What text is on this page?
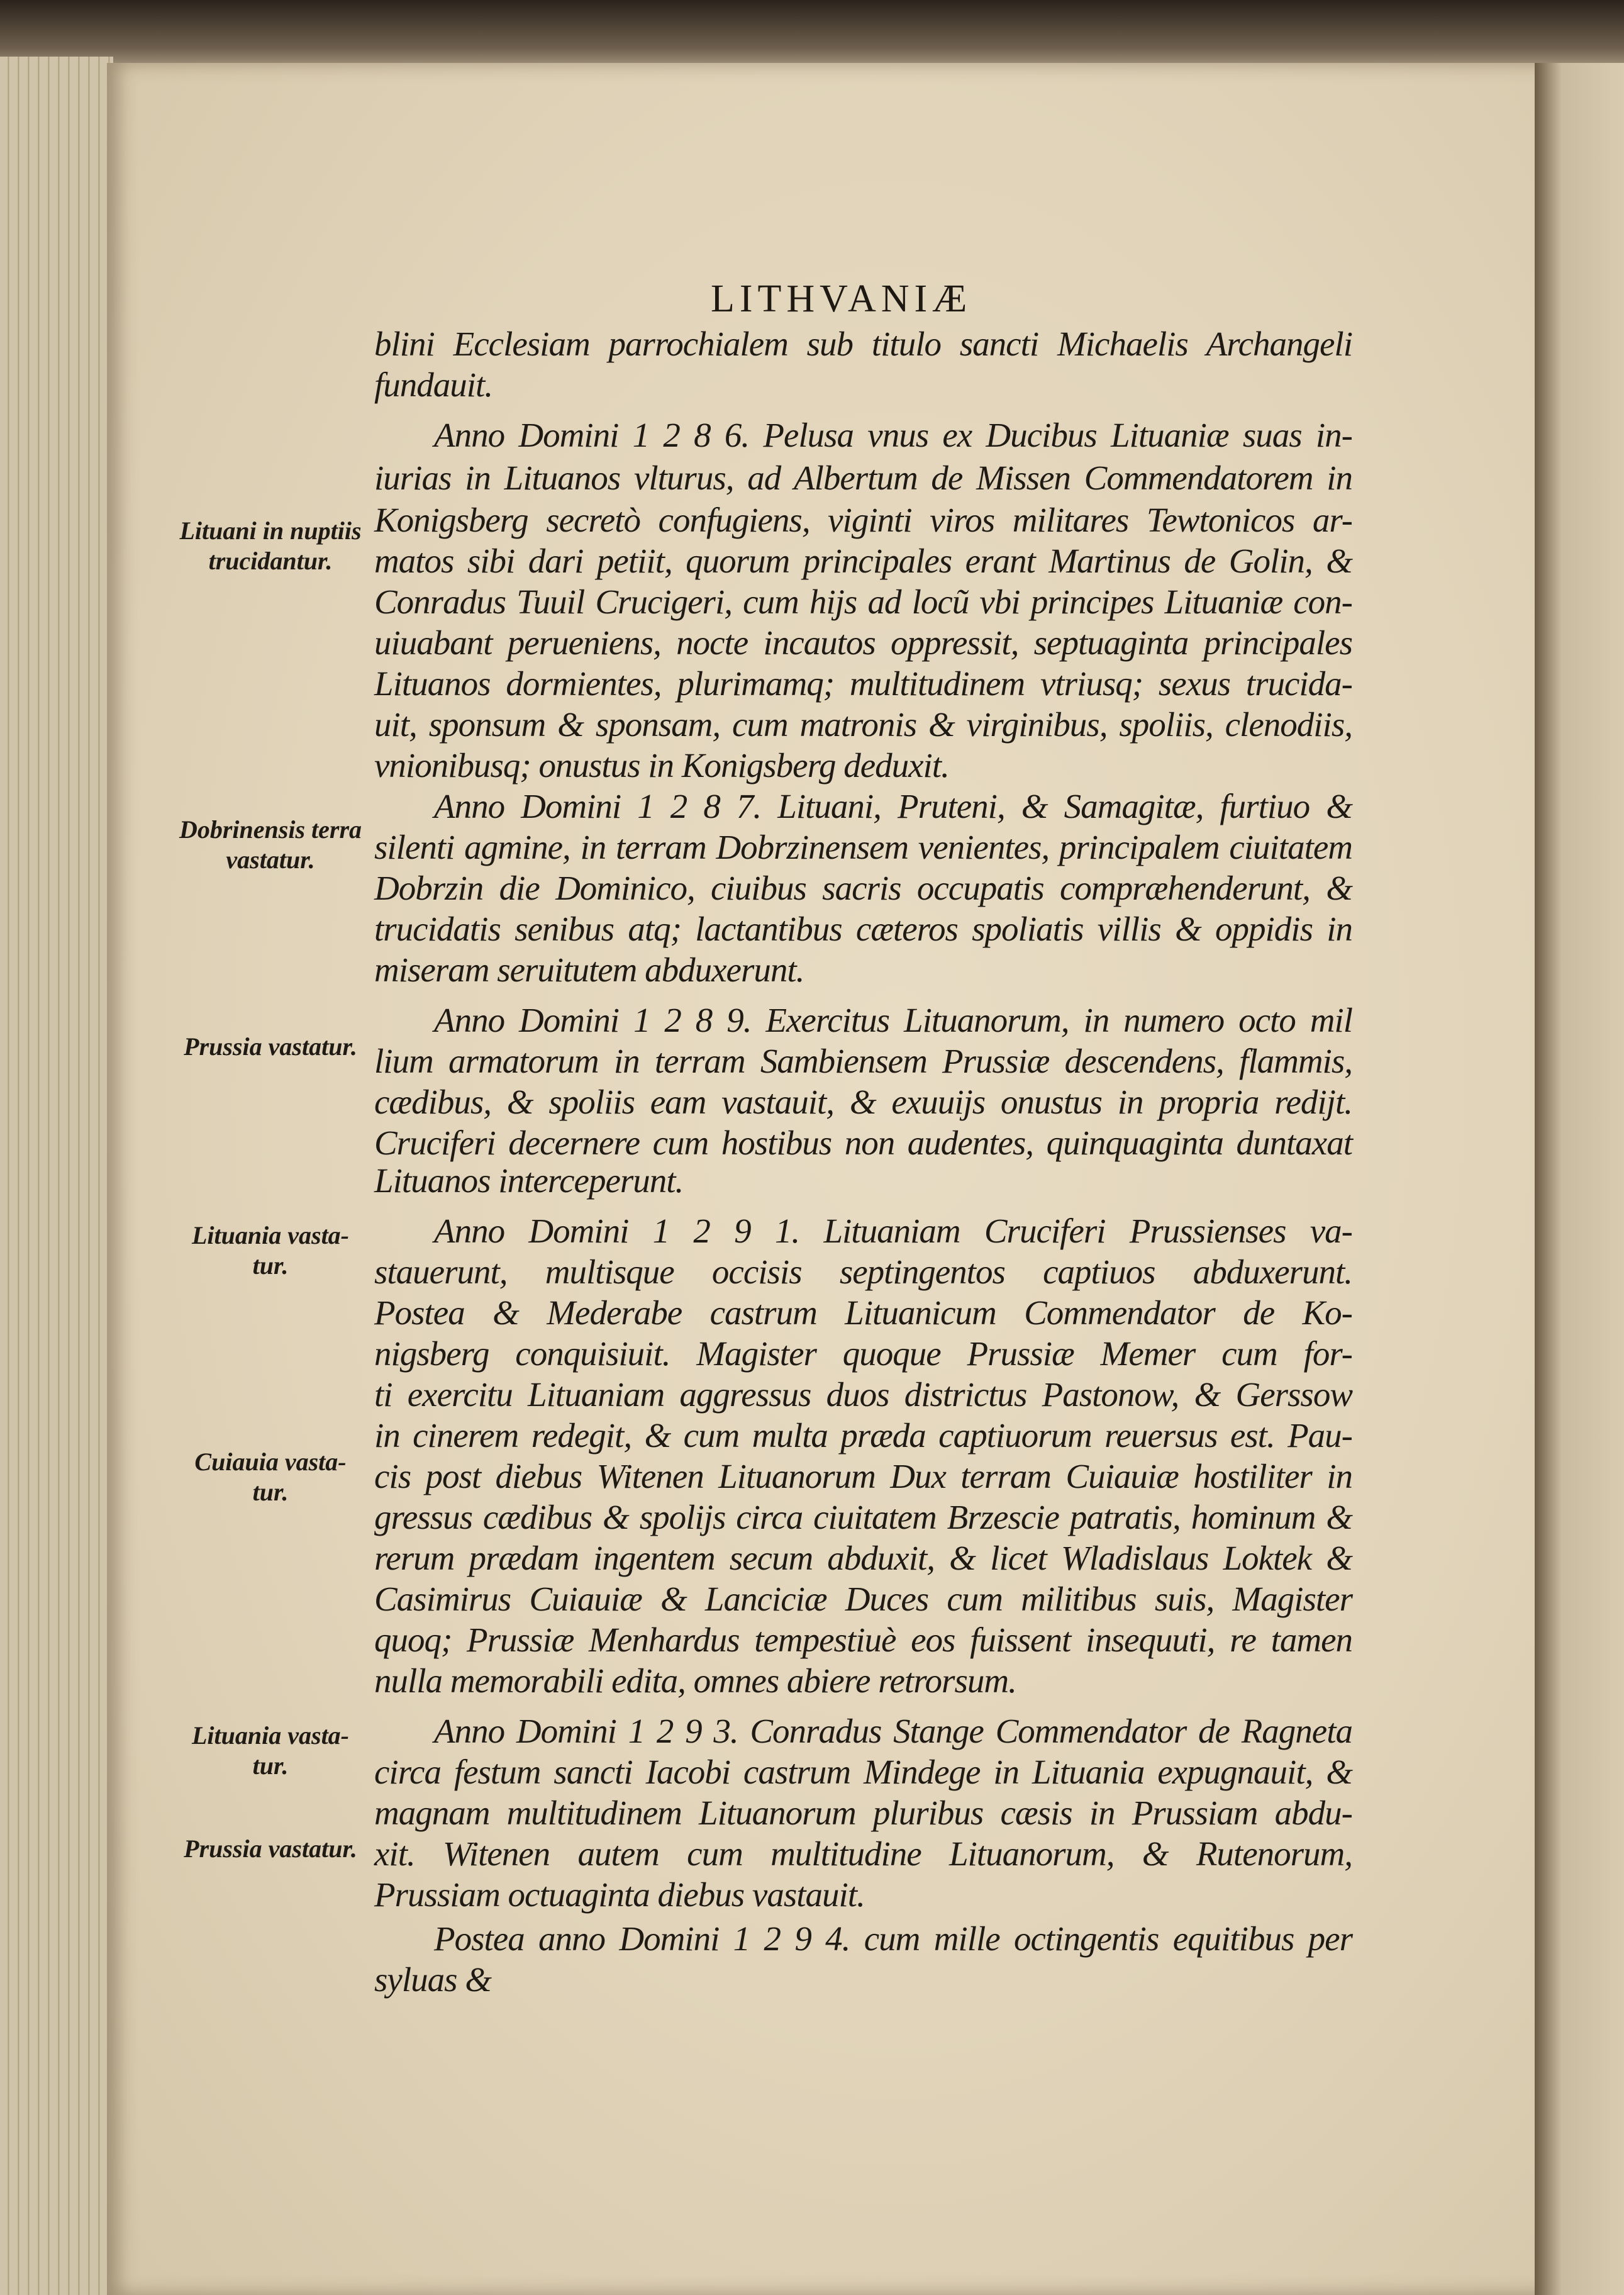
LITHVANIÆ
blini Ecclesiam parrochialem sub titulo sancti Michaelis Archangeli
fundauit.
Anno Domini 1 2 8 6. Pelusa vnus ex Ducibus Lituaniæ suas in-
iurias in Lituanos vlturus, ad Albertum de Missen Commendatorem in
Konigsberg secretò confugiens, viginti viros militares Tewtonicos ar-
matos sibi dari petiit, quorum principales erant Martinus de Golin, &
Conradus Tuuil Crucigeri, cum hijs ad locũ vbi principes Lituaniæ con-
uiuabant perueniens, nocte incautos oppressit, septuaginta principales
Lituanos dormientes, plurimamq; multitudinem vtriusq; sexus trucida-
uit, sponsum & sponsam, cum matronis & virginibus, spoliis, clenodiis,
vnionibusq; onustus in Konigsberg deduxit.
Anno Domini 1 2 8 7. Lituani, Pruteni, & Samagitæ, furtiuo &
silenti agmine, in terram Dobrzinensem venientes, principalem ciuitatem
Dobrzin die Dominico, ciuibus sacris occupatis compræhenderunt, &
trucidatis senibus atq; lactantibus cæteros spoliatis villis & oppidis in
miseram seruitutem abduxerunt.
Anno Domini 1 2 8 9. Exercitus Lituanorum, in numero octo mil
lium armatorum in terram Sambiensem Prussiæ descendens, flammis,
cædibus, & spoliis eam vastauit, & exuuijs onustus in propria redijt.
Cruciferi decernere cum hostibus non audentes, quinquaginta duntaxat
Lituanos interceperunt.
Anno Domini 1 2 9 1. Lituaniam Cruciferi Prussienses va-
stauerunt, multisque occisis septingentos captiuos abduxerunt.
Postea & Mederabe castrum Lituanicum Commendator de Ko-
nigsberg conquisiuit. Magister quoque Prussiæ Memer cum for-
ti exercitu Lituaniam aggressus duos districtus Pastonow, & Gerssow
in cinerem redegit, & cum multa præda captiuorum reuersus est. Pau-
cis post diebus Witenen Lituanorum Dux terram Cuiauiæ hostiliter in
gressus cædibus & spolijs circa ciuitatem Brzescie patratis, hominum &
rerum prædam ingentem secum abduxit, & licet Wladislaus Loktek &
Casimirus Cuiauiæ & Lanciciæ Duces cum militibus suis, Magister
quoq; Prussiæ Menhardus tempestiuè eos fuissent insequuti, re tamen
nulla memorabili edita, omnes abiere retrorsum.
Anno Domini 1 2 9 3. Conradus Stange Commendator de Ragneta
circa festum sancti Iacobi castrum Mindege in Lituania expugnauit, &
magnam multitudinem Lituanorum pluribus cæsis in Prussiam abdu-
xit. Witenen autem cum multitudine Lituanorum, & Rutenorum,
Prussiam octuaginta diebus vastauit.
Postea anno Domini 1 2 9 4. cum mille octingentis equitibus per
syluas &
Lituani in nuptiis
trucidantur.
Dobrinensis terra
vastatur.
Prussia vastatur.
Lituania vasta-
tur.
Cuiauia vasta-
tur.
Lituania vasta-
tur.
Prussia vastatur.
